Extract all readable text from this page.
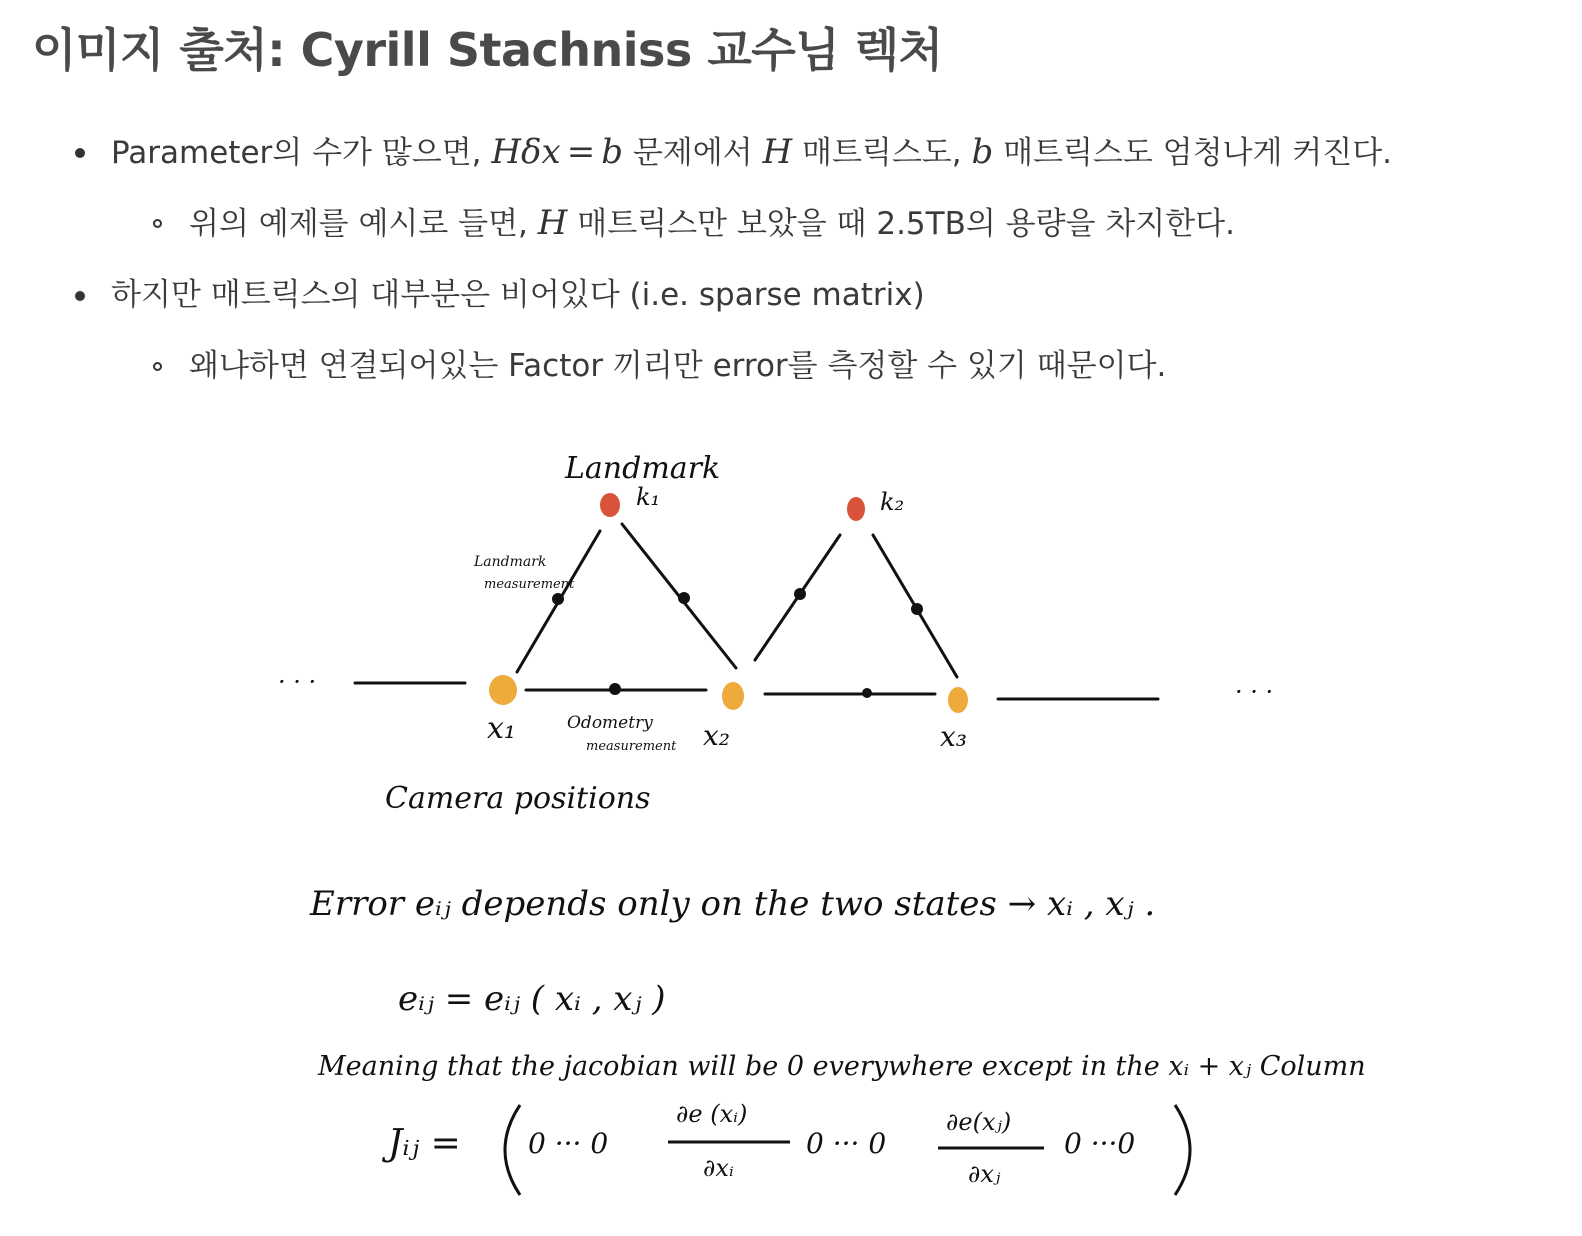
이미지 출처: Cyrill Stachniss 교수님 렉처
Parameter의 수가 많으면, Hδx = b 문제에서 H 매트릭스도, b 매트릭스도 엄청나게 커진다.
위의 예제를 예시로 들면, H 매트릭스만 보았을 때 2.5TB의 용량을 차지한다.
하지만 매트릭스의 대부분은 비어있다 (i.e. sparse matrix)
왜냐하면 연결되어있는 Factor 끼리만 error를 측정할 수 있기 때문이다.
Landmark
k₁	k₂
Landmark
measurement
Odometry
measurement
x₁	x₂	x₃
Camera positions
· · ·	· · ·
Error eᵢⱼ depends only on the two states → xᵢ , xⱼ .
eᵢⱼ = eᵢⱼ ( xᵢ , xⱼ )
Meaning that the jacobian will be 0 everywhere except in the xᵢ + xⱼ Column
Jᵢⱼ = 0 ··· 0
∂e (xᵢ)
∂xᵢ
0 ··· 0
∂e(xⱼ)
∂xⱼ
0 ···0
